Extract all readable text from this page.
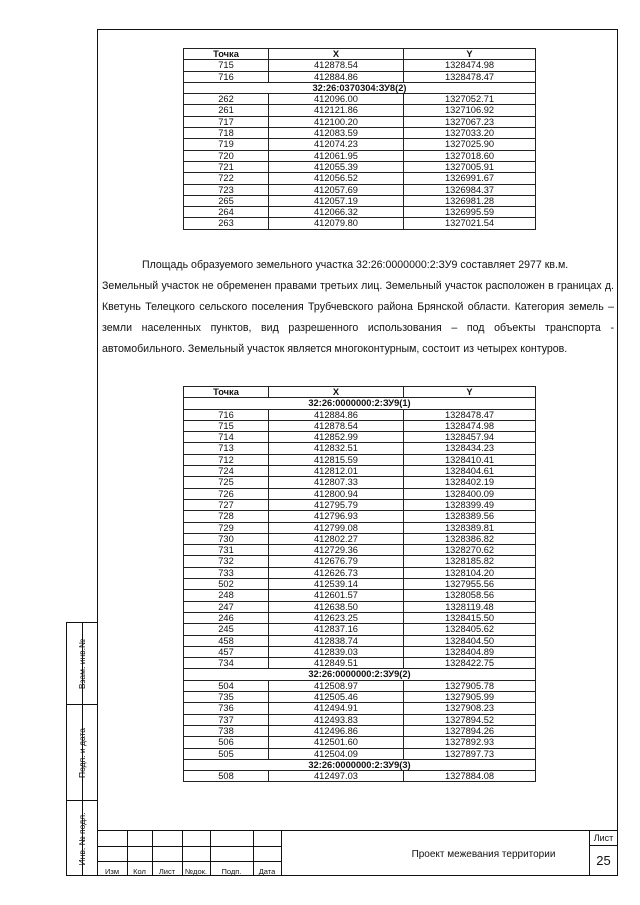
Взам. инв.№
Подп. и дата
Инв. № подл.
Точка	X	Y
715	412878.54	1328474.98
716	412884.86	1328478.47
32:26:0370304:ЗУ8(2)		
262	412096.00	1327052.71
261	412121.86	1327106.92
717	412100.20	1327067.23
718	412083.59	1327033.20
719	412074.23	1327025.90
720	412061.95	1327018.60
721	412055.39	1327005.91
722	412056.52	1326991.67
723	412057.69	1326984.37
265	412057.19	1326981.28
264	412066.32	1326995.59
263	412079.80	1327021.54

Площадь образуемого земельного участка 32:26:0000000:2:ЗУ9 составляет 2977 кв.м.

Земельный участок не обременен правами третьих лиц. Земельный участок расположен в границах д. Кветунь Телецкого сельского поселения Трубчевского района Брянской области. Категория земель – земли населенных пунктов, вид разрешенного использования – под объекты транспорта - автомобильного. Земельный участок является многоконтурным, состоит из четырех контуров.

Точка	X	Y
32:26:0000000:2:ЗУ9(1)		
716	412884.86	1328478.47
715	412878.54	1328474.98
714	412852.99	1328457.94
713	412832.51	1328434.23
712	412815.59	1328410.41
724	412812.01	1328404.61
725	412807.33	1328402.19
726	412800.94	1328400.09
727	412795.79	1328399.49
728	412796.93	1328389.56
729	412799.08	1328389.81
730	412802.27	1328386.82
731	412729.36	1328270.62
732	412676.79	1328185.82
733	412626.73	1328104.20
502	412539.14	1327955.56
248	412601.57	1328058.56
247	412638.50	1328119.48
246	412623.25	1328415.50
245	412837.16	1328405.62
458	412838.74	1328404.50
457	412839.03	1328404.89
734	412849.51	1328422.75
32:26:0000000:2:ЗУ9(2)		
504	412508.97	1327905.78
735	412505.46	1327905.99
736	412494.91	1327908.23
737	412493.83	1327894.52
738	412496.86	1327894.26
506	412501.60	1327892.93
505	412504.09	1327897.73
32:26:0000000:2:ЗУ9(3)		
508	412497.03	1327884.08
Изм	Кол	Лист	№док.	Подп.	Дата
Проект межевания территории
Лист
25
